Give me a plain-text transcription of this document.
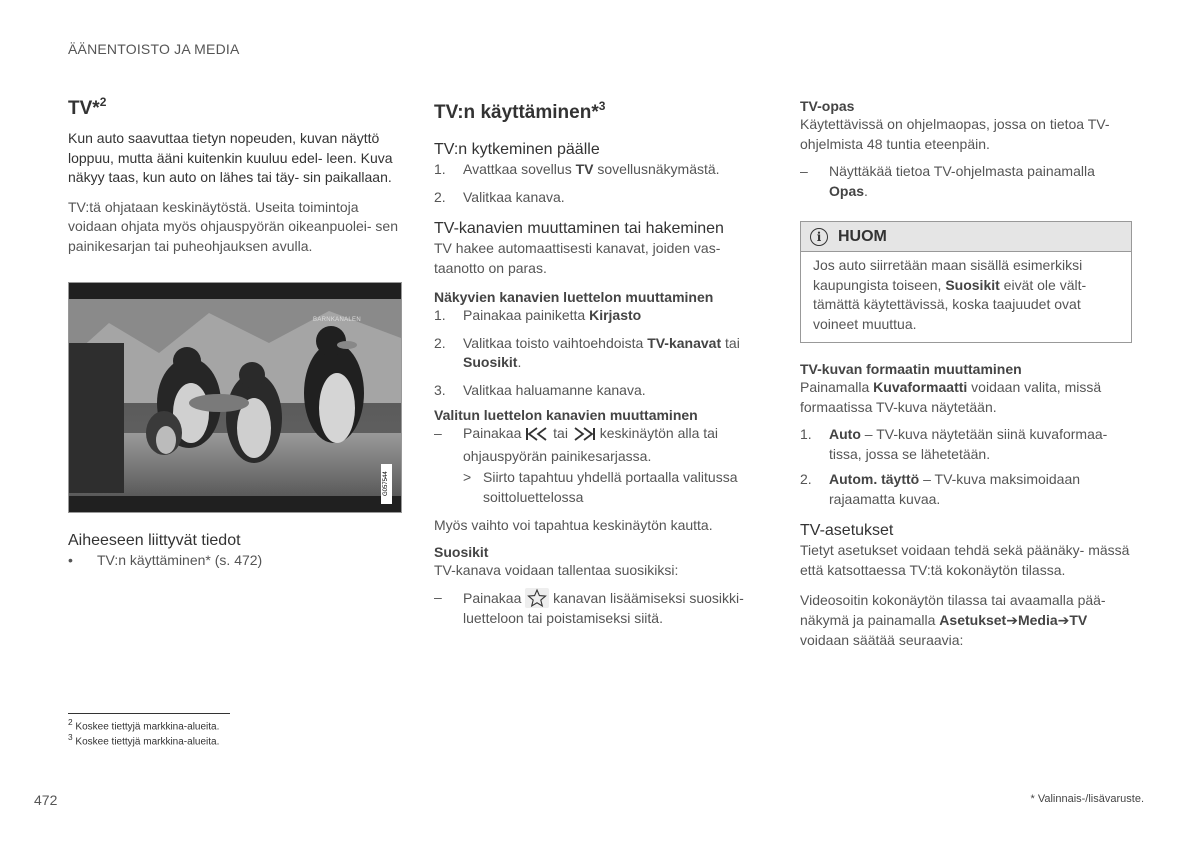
ÄÄNENTOISTO JA MEDIA
TV*$^2$

Kun auto saavuttaa tietyn nopeuden, kuvan näyttö loppuu, mutta ääni kuitenkin kuuluu edel- leen. Kuva näkyy taas, kun auto on lähes tai täy- sin paikallaan.

TV:tä ohjataan keskinäytöstä. Useita toimintoja voidaan ohjata myös ohjauspyörän oikeanpuolei- sen painikesarjan tai puheohjauksen avulla.

BARNKANALEN
G057544
Aiheeseen liittyvät tiedot
• TV:n käyttäminen* (s. 472)
TV:n käyttäminen*$^3$
TV:n kytkeminen päälle
1. Avattkaa sovellus TV sovellusnäkymästä.
2. Valitkaa kanava.
TV-kanavien muuttaminen tai hakeminen

TV hakee automaattisesti kanavat, joiden vas- taanotto on paras.

Näkyvien kanavien luettelon muuttaminen
1. Painakaa painiketta Kirjasto
2. Valitkaa toisto vaihtoehdoista TV-kanavat tai Suosikit.
3. Valitkaa haluamanne kanava.
Valitun luettelon kanavien muuttaminen
– Painakaa  tai  keskinäytön alla tai ohjauspyörän painikesarjassa.
> Siirto tapahtuu yhdellä portaalla valitussa soittoluettelossa

Myös vaihto voi tapahtua keskinäytön kautta.

Suosikit

TV-kanava voidaan tallentaa suosikiksi:

– Painakaa  kanavan lisäämiseksi suosikki- luetteloon tai poistamiseksi siitä.
TV-opas

Käytettävissä on ohjelmaopas, jossa on tietoa TV- ohjelmista 48 tuntia eteenpäin.

– Näyttäkää tietoa TV-ohjelmasta painamalla Opas.
i	HUOM
Jos auto siirretään maan sisällä esimerkiksi kaupungista toiseen, Suosikit eivät ole vält- tämättä käytettävissä, koska taajuudet ovat voineet muuttua.
TV-kuvan formaatin muuttaminen

Painamalla Kuvaformaatti voidaan valita, missä formaatissa TV-kuva näytetään.

1. Auto – TV-kuva näytetään siinä kuvaformaa- tissa, jossa se lähetetään.
2. Autom. täyttö – TV-kuva maksimoidaan rajaamatta kuvaa.
TV-asetukset

Tietyt asetukset voidaan tehdä sekä päänäky- mässä että katsottaessa TV:tä kokonäytön tilassa.

Videosoitin kokonäytön tilassa tai avaamalla pää- näkymä ja painamalla Asetukset➔Media➔TV voidaan säätää seuraavia:

$^2$ Koskee tiettyjä markkina-alueita.
$^3$ Koskee tiettyjä markkina-alueita.
472	* Valinnais-/lisävaruste.
